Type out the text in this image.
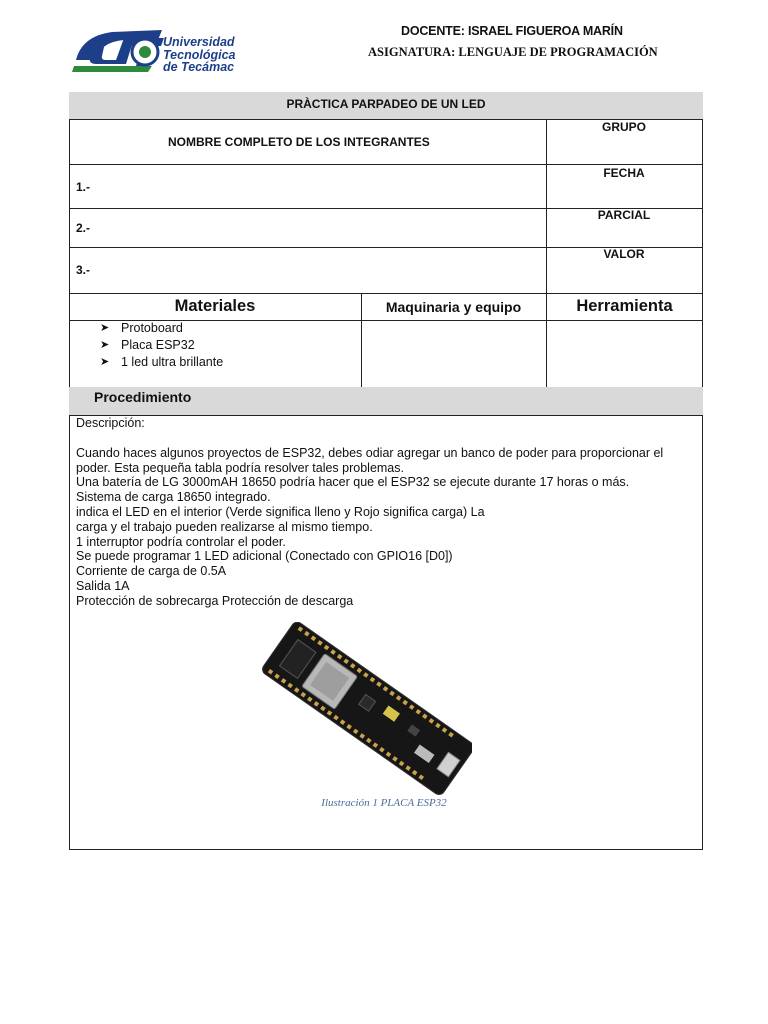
Universidad
Tecnológica
de Tecámac
DOCENTE: ISRAEL FIGUEROA MARÍN
ASIGNATURA: LENGUAJE DE PROGRAMACIÓN
PRÀCTICA PARPADEO DE UN LED
NOMBRE COMPLETO DE LOS INTEGRANTES
1.-
2.-
3.-
GRUPO
FECHA
PARCIAL
VALOR
Materiales	Maquinaria y equipo	Herramienta
➤ Protoboard
➤ Placa ESP32
➤ 1 led ultra brillante
Procedimiento

Descripción:

Cuando haces algunos proyectos de ESP32, debes odiar agregar un banco de poder para proporcionar el

poder. Esta pequeña tabla podría resolver tales problemas.

Una batería de LG 3000mAH 18650 podría hacer que el ESP32 se ejecute durante 17 horas o más.

Sistema de carga 18650 integrado.

indica el LED en el interior (Verde significa lleno y Rojo significa carga) La

carga y el trabajo pueden realizarse al mismo tiempo.

1 interruptor podría controlar el poder.

Se puede programar 1 LED adicional (Conectado con GPIO16 [D0])

Corriente de carga de 0.5A

Salida 1A

Protección de sobrecarga Protección de descarga

Ilustración 1 PLACA ESP32
